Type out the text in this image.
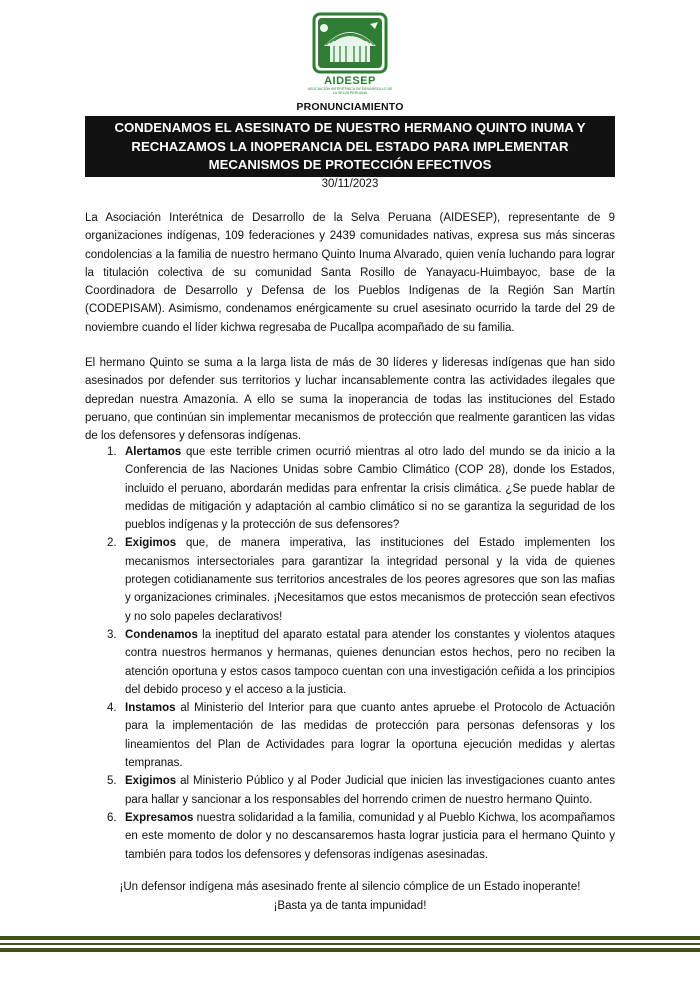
AIDESEP
ASOCIACIÓN INTERÉTNICA DE DESARROLLO DE LA SELVA PERUANA
PRONUNCIAMIENTO
CONDENAMOS EL ASESINATO DE NUESTRO HERMANO QUINTO INUMA Y
RECHAZAMOS LA INOPERANCIA DEL ESTADO PARA IMPLEMENTAR
MECANISMOS DE PROTECCIÓN EFECTIVOS
30/11/2023
La Asociación Interétnica de Desarrollo de la Selva Peruana (AIDESEP), representante de 9 organizaciones indígenas, 109 federaciones y 2439 comunidades nativas, expresa sus más sinceras condolencias a la familia de nuestro hermano Quinto Inuma Alvarado, quien venía luchando para lograr la titulación colectiva de su comunidad Santa Rosillo de Yanayacu-Huimbayoc, base de la Coordinadora de Desarrollo y Defensa de los Pueblos Indígenas de la Región San Martín (CODEPISAM). Asimismo, condenamos enérgicamente su cruel asesinato ocurrido la tarde del 29 de noviembre cuando el líder kichwa regresaba de Pucallpa acompañado de su familia.
El hermano Quinto se suma a la larga lista de más de 30 líderes y lideresas indígenas que han sido asesinados por defender sus territorios y luchar incansablemente contra las actividades ilegales que depredan nuestra Amazonía. A ello se suma la inoperancia de todas las instituciones del Estado peruano, que continúan sin implementar mecanismos de protección que realmente garanticen las vidas de los defensores y defensoras indígenas.
1. Alertamos que este terrible crimen ocurrió mientras al otro lado del mundo se da inicio a la Conferencia de las Naciones Unidas sobre Cambio Climático (COP 28), donde los Estados, incluido el peruano, abordarán medidas para enfrentar la crisis climática. ¿Se puede hablar de medidas de mitigación y adaptación al cambio climático si no se garantiza la seguridad de los pueblos indígenas y la protección de sus defensores?
2. Exigimos que, de manera imperativa, las instituciones del Estado implementen los mecanismos intersectoriales para garantizar la integridad personal y la vida de quienes protegen cotidianamente sus territorios ancestrales de los peores agresores que son las mafias y organizaciones criminales. ¡Necesitamos que estos mecanismos de protección sean efectivos y no solo papeles declarativos!
3. Condenamos la ineptitud del aparato estatal para atender los constantes y violentos ataques contra nuestros hermanos y hermanas, quienes denuncian estos hechos, pero no reciben la atención oportuna y estos casos tampoco cuentan con una investigación ceñida a los principios del debido proceso y el acceso a la justicia.
4. Instamos al Ministerio del Interior para que cuanto antes apruebe el Protocolo de Actuación para la implementación de las medidas de protección para personas defensoras y los lineamientos del Plan de Actividades para lograr la oportuna ejecución medidas y alertas tempranas.
5. Exigimos al Ministerio Público y al Poder Judicial que inicien las investigaciones cuanto antes para hallar y sancionar a los responsables del horrendo crimen de nuestro hermano Quinto.
6. Expresamos nuestra solidaridad a la familia, comunidad y al Pueblo Kichwa, los acompañamos en este momento de dolor y no descansaremos hasta lograr justicia para el hermano Quinto y también para todos los defensores y defensoras indígenas asesinadas.
¡Un defensor indígena más asesinado frente al silencio cómplice de un Estado inoperante!
¡Basta ya de tanta impunidad!
